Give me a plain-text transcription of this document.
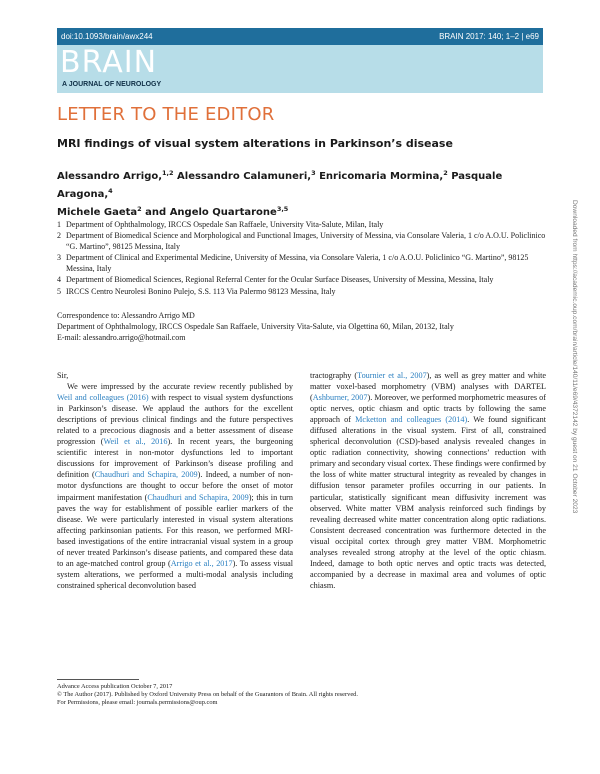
doi:10.1093/brain/awx244	BRAIN 2017: 140; 1–2 | e69
BRAIN
A JOURNAL OF NEUROLOGY
LETTER TO THE EDITOR
MRI findings of visual system alterations in Parkinson’s disease
Alessandro Arrigo,$^{1,2}$ Alessandro Calamuneri,$^3$ Enricomaria Mormina,$^2$ Pasquale Aragona,$^4$
Michele Gaeta$^2$ and Angelo Quartarone$^{3,5}$
1 Department of Ophthalmology, IRCCS Ospedale San Raffaele, University Vita-Salute, Milan, Italy
2 Department of Biomedical Science and Morphological and Functional Images, University of Messina, via Consolare Valeria, 1 c/o A.O.U. Policlinico “G. Martino”, 98125 Messina, Italy
3 Department of Clinical and Experimental Medicine, University of Messina, via Consolare Valeria, 1 c/o A.O.U. Policlinico “G. Martino”, 98125 Messina, Italy
4 Department of Biomedical Sciences, Regional Referral Center for the Ocular Surface Diseases, University of Messina, Messina, Italy
5 IRCCS Centro Neurolesi Bonino Pulejo, S.S. 113 Via Palermo 98123 Messina, Italy
Correspondence to: Alessandro Arrigo MD
Department of Ophthalmology, IRCCS Ospedale San Raffaele, University Vita-Salute, via Olgettina 60, Milan, 20132, Italy
E-mail: alessandro.arrigo@hotmail.com

Sir,

We were impressed by the accurate review recently published by Weil and colleagues (2016) with respect to visual system dysfunctions in Parkinson’s disease. We applaud the authors for the excellent descriptions of previous clinical findings and the future perspectives related to a precocious diagnosis and a better assessment of disease progression (Weil et al., 2016). In recent years, the burgeoning scientific interest in non-motor dysfunctions led to important discussions for improvement of Parkinson’s disease profiling and definition (Chaudhuri and Schapira, 2009). Indeed, a number of non-motor dysfunctions are thought to occur before the onset of motor impairment manifestation (Chaudhuri and Schapira, 2009); this in turn paves the way for establishment of possible earlier markers of the disease. We were particularly interested in visual system alterations affecting parkinsonian patients. For this reason, we performed MRI-based investigations of the entire intracranial visual system in a group of never treated Parkinson’s disease patients, and compared these data to an age-matched control group (Arrigo et al., 2017). To assess visual system alterations, we performed a multi-modal analysis including constrained spherical deconvolution based

tractography (Tournier et al., 2007), as well as grey matter and white matter voxel-based morphometry (VBM) analyses with DARTEL (Ashburner, 2007). Moreover, we performed morphometric measures of optic nerves, optic chiasm and optic tracts by following the same approach of Mcketton and colleagues (2014). We found significant diffused alterations in the visual system. First of all, constrained spherical deconvolution (CSD)-based analysis revealed changes in optic radiation connectivity, showing connections’ reduction with primary and secondary visual cortex. These findings were confirmed by the loss of white matter structural integrity as revealed by changes in diffusion tensor parameter profiles occurring in our patients. In particular, statistically significant mean diffusivity increment was observed. White matter VBM analysis reinforced such findings by revealing decreased white matter concentration along optic radiations. Consistent decreased concentration was furthermore detected in the visual occipital cortex through grey matter VBM. Morphometric analyses revealed strong atrophy at the level of the optic chiasm. Indeed, damage to both optic nerves and optic tracts was detected, accompanied by a decrease in maximal area and volumes of optic chiasm.

Advance Access publication October 7, 2017
© The Author (2017). Published by Oxford University Press on behalf of the Guarantors of Brain. All rights reserved.
For Permissions, please email: journals.permissions@oup.com
Downloaded from https://academic.oup.com/brain/article/140/11/e69/4372142 by guest on 21 October 2023
